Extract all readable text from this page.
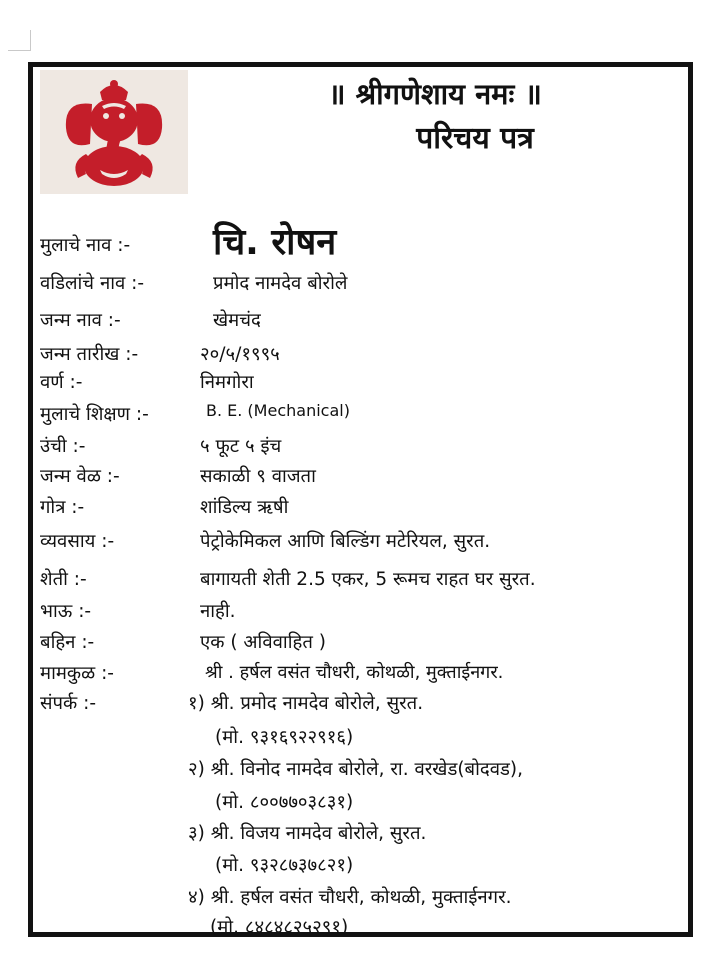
॥ श्रीगणेशाय नमः ॥
परिचय पत्र
मुलाचे नाव :-
वडिलांचे नाव :-
जन्म नाव :-
जन्म तारीख :-
वर्ण :-
मुलाचे शिक्षण :-
उंची :-
जन्म वेळ :-
गोत्र :-
व्यवसाय :-
शेती :-
भाऊ :-
बहिन :-
मामकुळ :-
संपर्क :-
चि. रोषन
प्रमोद नामदेव बोरोले
खेमचंद
२०/५/१९९५
निमगोरा
B. E. (Mechanical)
५ फूट ५ इंच
सकाळी ९ वाजता
शांडिल्य ऋषी
पेट्रोकेमिकल आणि बिल्डिंग मटेरियल, सुरत.
बागायती शेती 2.5 एकर, 5 रूमच राहत घर सुरत.
नाही.
एक ( अविवाहित )
श्री . हर्षल वसंत चौधरी, कोथळी, मुक्ताईनगर.
१) श्री. प्रमोद नामदेव बोरोले, सुरत.
(मो. ९३१६९२२९१६)
२) श्री. विनोद नामदेव बोरोले, रा. वरखेड(बोदवड),
(मो. ८००७७०३८३१)
३) श्री. विजय नामदेव बोरोले, सुरत.
(मो. ९३२८७३७८२१)
४) श्री. हर्षल वसंत चौधरी, कोथळी, मुक्ताईनगर.
(मो. ८४८४८२५२९१)
